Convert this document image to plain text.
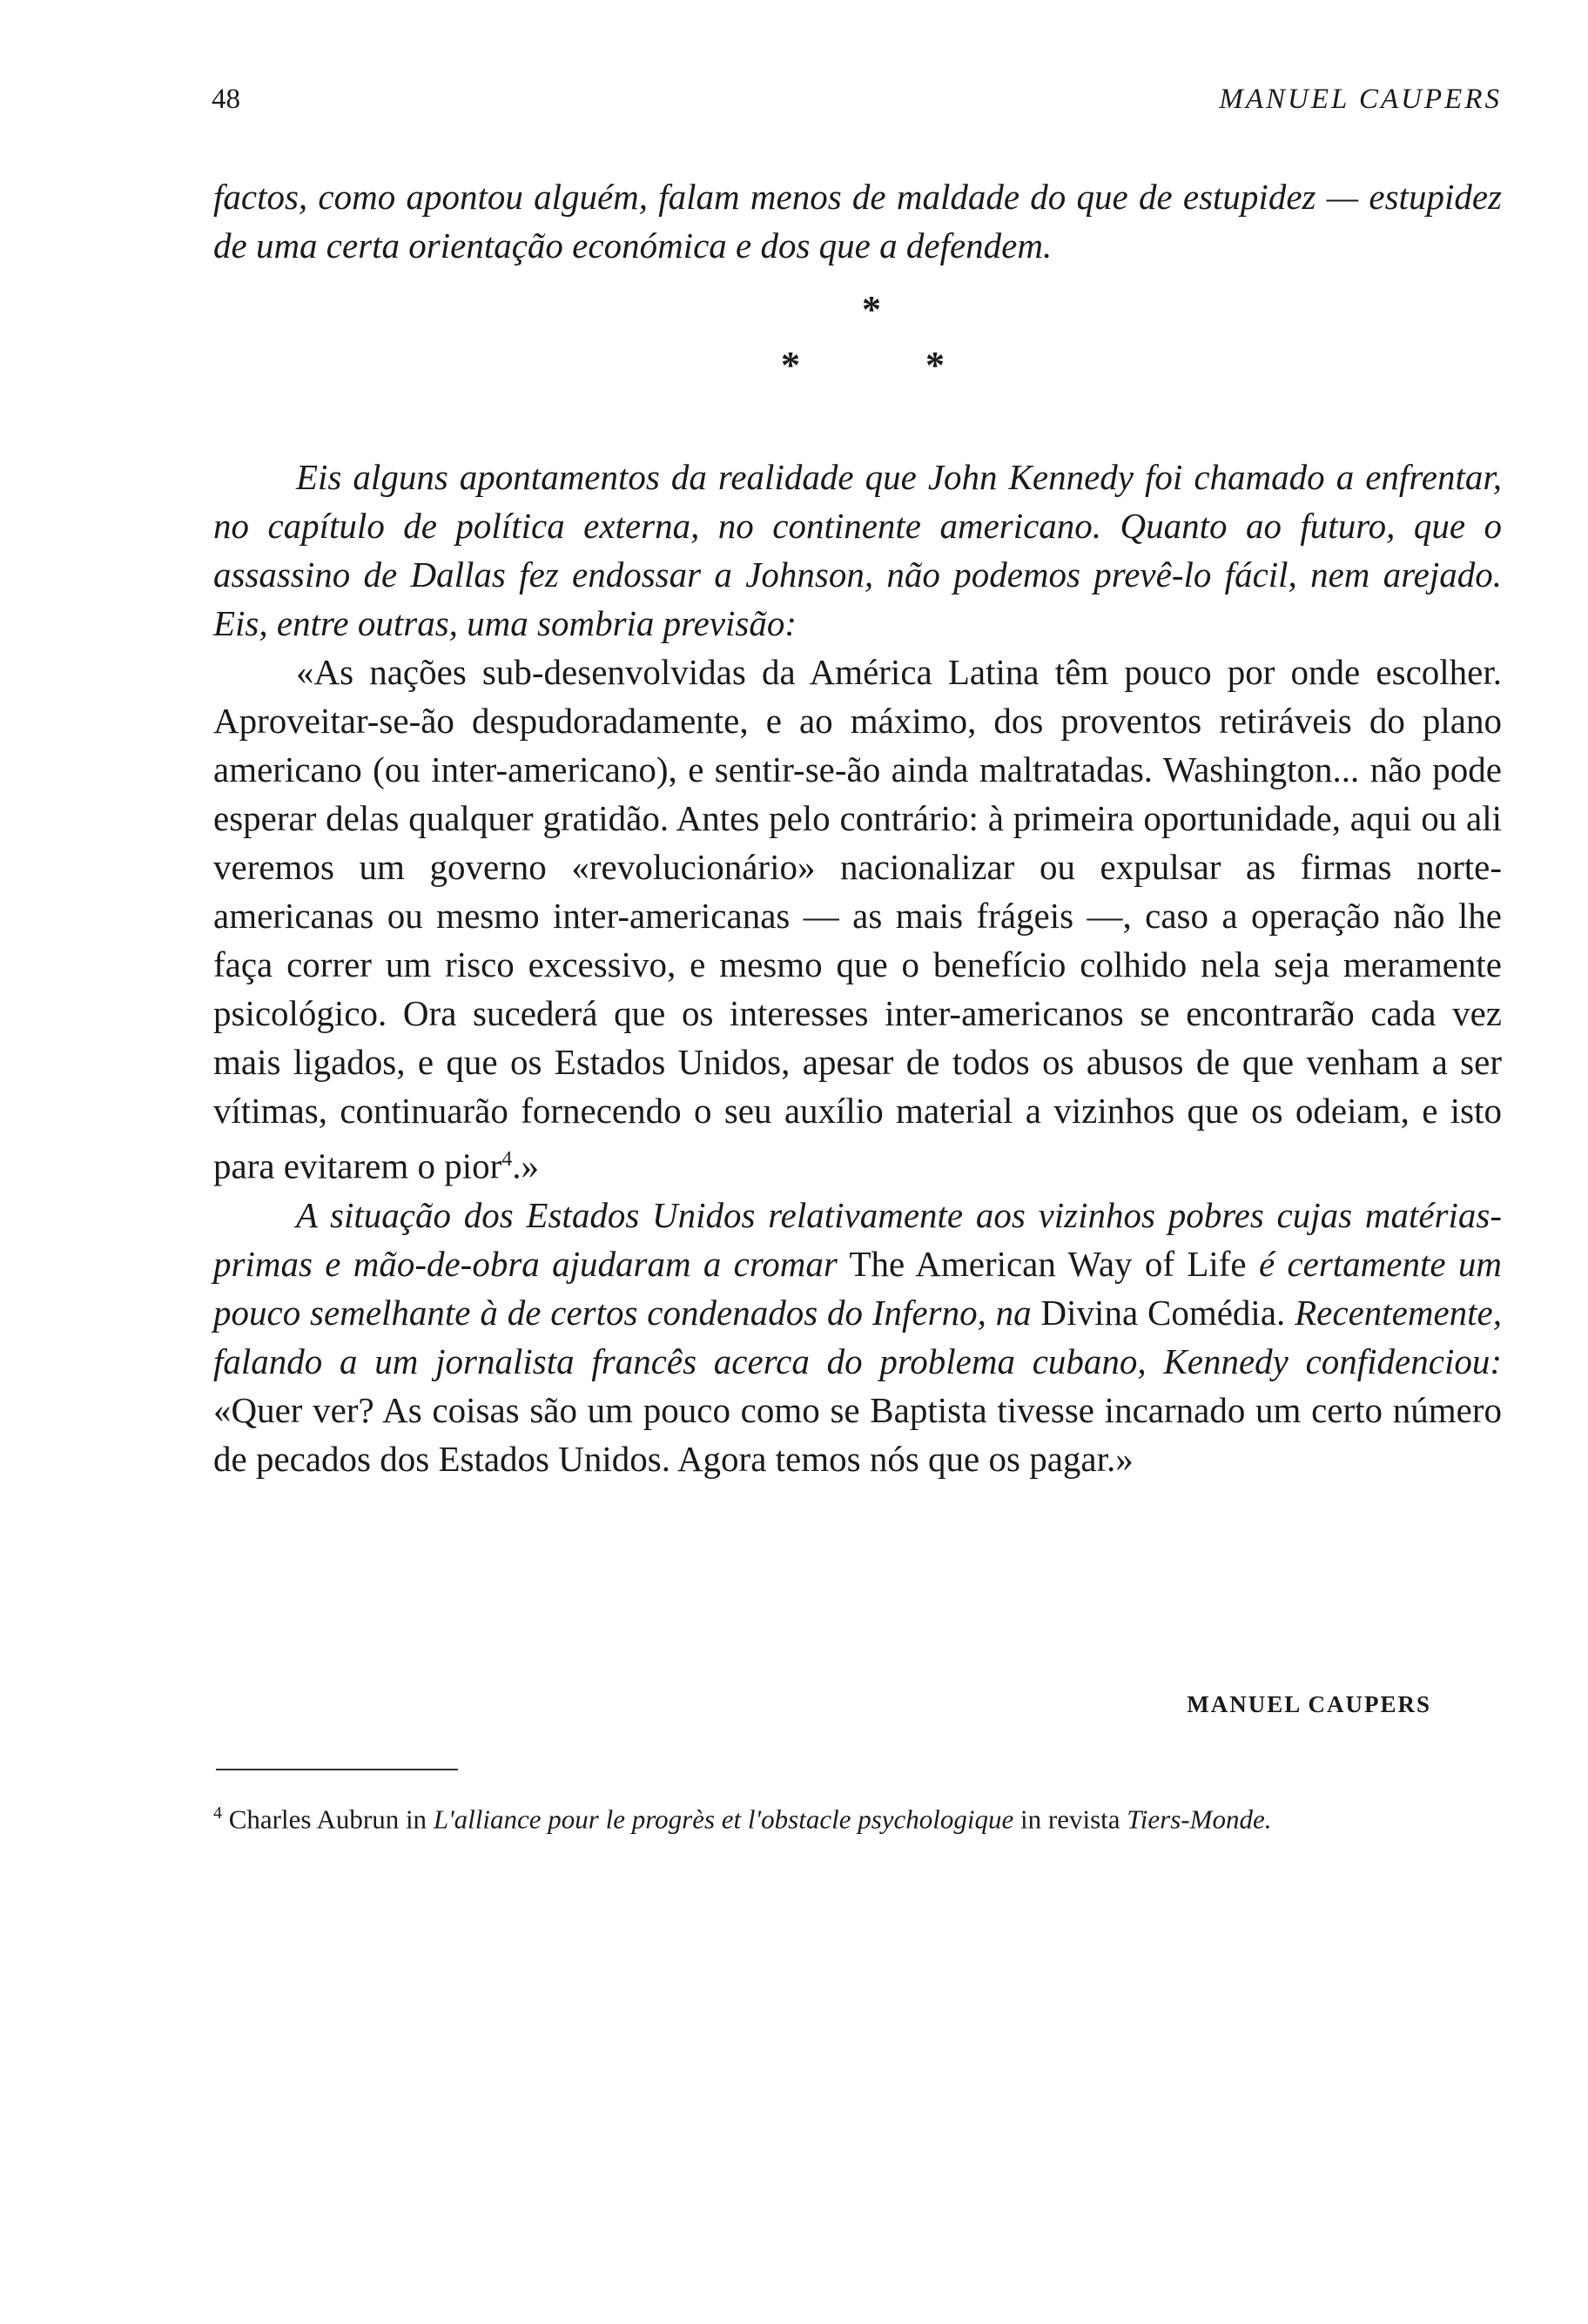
48	MANUEL CAUPERS

factos, como apontou alguém, falam menos de maldade do que de estupidez — estupidez de uma certa orientação económica e dos que a defendem.

*
*	*

Eis alguns apontamentos da realidade que John Kennedy foi chamado a enfrentar, no capítulo de política externa, no continente americano. Quanto ao futuro, que o assassino de Dallas fez endossar a Johnson, não podemos prevê-lo fácil, nem arejado. Eis, entre outras, uma sombria previsão:

«As nações sub-desenvolvidas da América Latina têm pouco por onde escolher. Aproveitar-se-ão despudoradamente, e ao máximo, dos proventos retiráveis do plano americano (ou inter-americano), e sentir-se-ão ainda maltratadas. Washington... não pode esperar delas qualquer gratidão. Antes pelo contrário: à primeira oportunidade, aqui ou ali veremos um governo «revolucionário» nacionalizar ou expulsar as firmas norte-americanas ou mesmo inter-americanas — as mais frágeis —, caso a operação não lhe faça correr um risco excessivo, e mesmo que o benefício colhido nela seja meramente psicológico. Ora sucederá que os interesses inter-americanos se encontrarão cada vez mais ligados, e que os Estados Unidos, apesar de todos os abusos de que venham a ser vítimas, continuarão fornecendo o seu auxílio material a vizinhos que os odeiam, e isto para evitarem o pior$^4$.»

A situação dos Estados Unidos relativamente aos vizinhos pobres cujas matérias-primas e mão-de-obra ajudaram a cromar The American Way of Life é certamente um pouco semelhante à de certos condenados do Inferno, na Divina Comédia. Recentemente, falando a um jornalista francês acerca do problema cubano, Kennedy confidenciou: «Quer ver? As coisas são um pouco como se Baptista tivesse incarnado um certo número de pecados dos Estados Unidos. Agora temos nós que os pagar.»

MANUEL CAUPERS

$^4$ Charles Aubrun in L'alliance pour le progrès et l'obstacle psychologique in revista Tiers-Monde.
